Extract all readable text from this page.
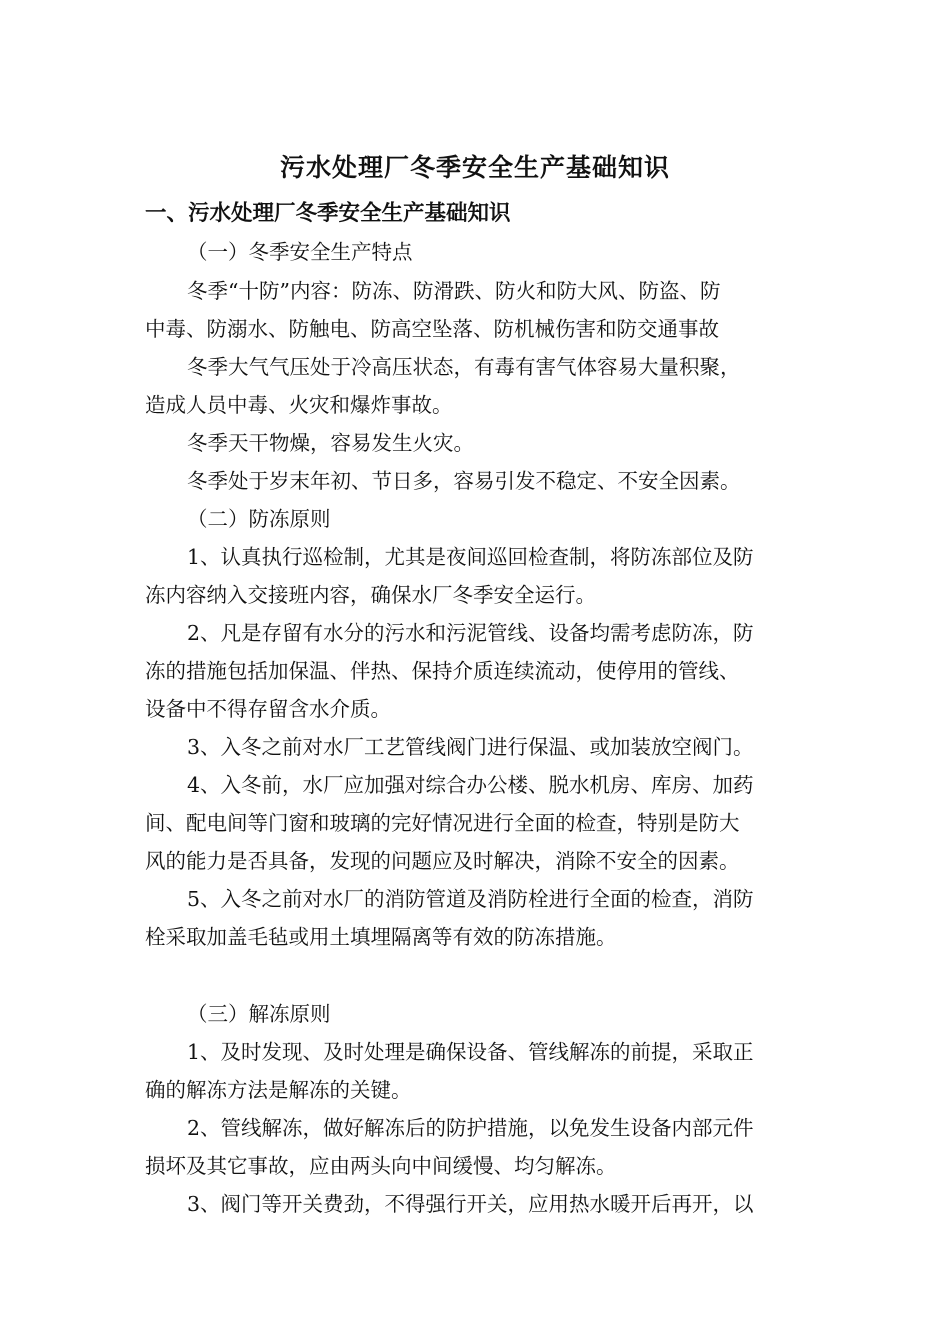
污水处理厂冬季安全生产基础知识
一、污水处理厂冬季安全生产基础知识
（一）冬季安全生产特点
冬季“十防”内容：防冻、防滑跌、防火和防大风、防盗、防
中毒、防溺水、防触电、防高空坠落、防机械伤害和防交通事故
冬季大气气压处于冷高压状态，有毒有害气体容易大量积聚，
造成人员中毒、火灾和爆炸事故。
冬季天干物燥，容易发生火灾。
冬季处于岁末年初、节日多，容易引发不稳定、不安全因素。
（二）防冻原则
1、认真执行巡检制，尤其是夜间巡回检查制，将防冻部位及防
冻内容纳入交接班内容，确保水厂冬季安全运行。
2、凡是存留有水分的污水和污泥管线、设备均需考虑防冻，防
冻的措施包括加保温、伴热、保持介质连续流动，使停用的管线、
设备中不得存留含水介质。
3、入冬之前对水厂工艺管线阀门进行保温、或加装放空阀门。
4、入冬前，水厂应加强对综合办公楼、脱水机房、库房、加药
间、配电间等门窗和玻璃的完好情况进行全面的检查，特别是防大
风的能力是否具备，发现的问题应及时解决，消除不安全的因素。
5、入冬之前对水厂的消防管道及消防栓进行全面的检查，消防
栓采取加盖毛毡或用土填埋隔离等有效的防冻措施。
（三）解冻原则
1、及时发现、及时处理是确保设备、管线解冻的前提，采取正
确的解冻方法是解冻的关键。
2、管线解冻，做好解冻后的防护措施，以免发生设备内部元件
损坏及其它事故，应由两头向中间缓慢、均匀解冻。
3、阀门等开关费劲，不得强行开关，应用热水暖开后再开，以
